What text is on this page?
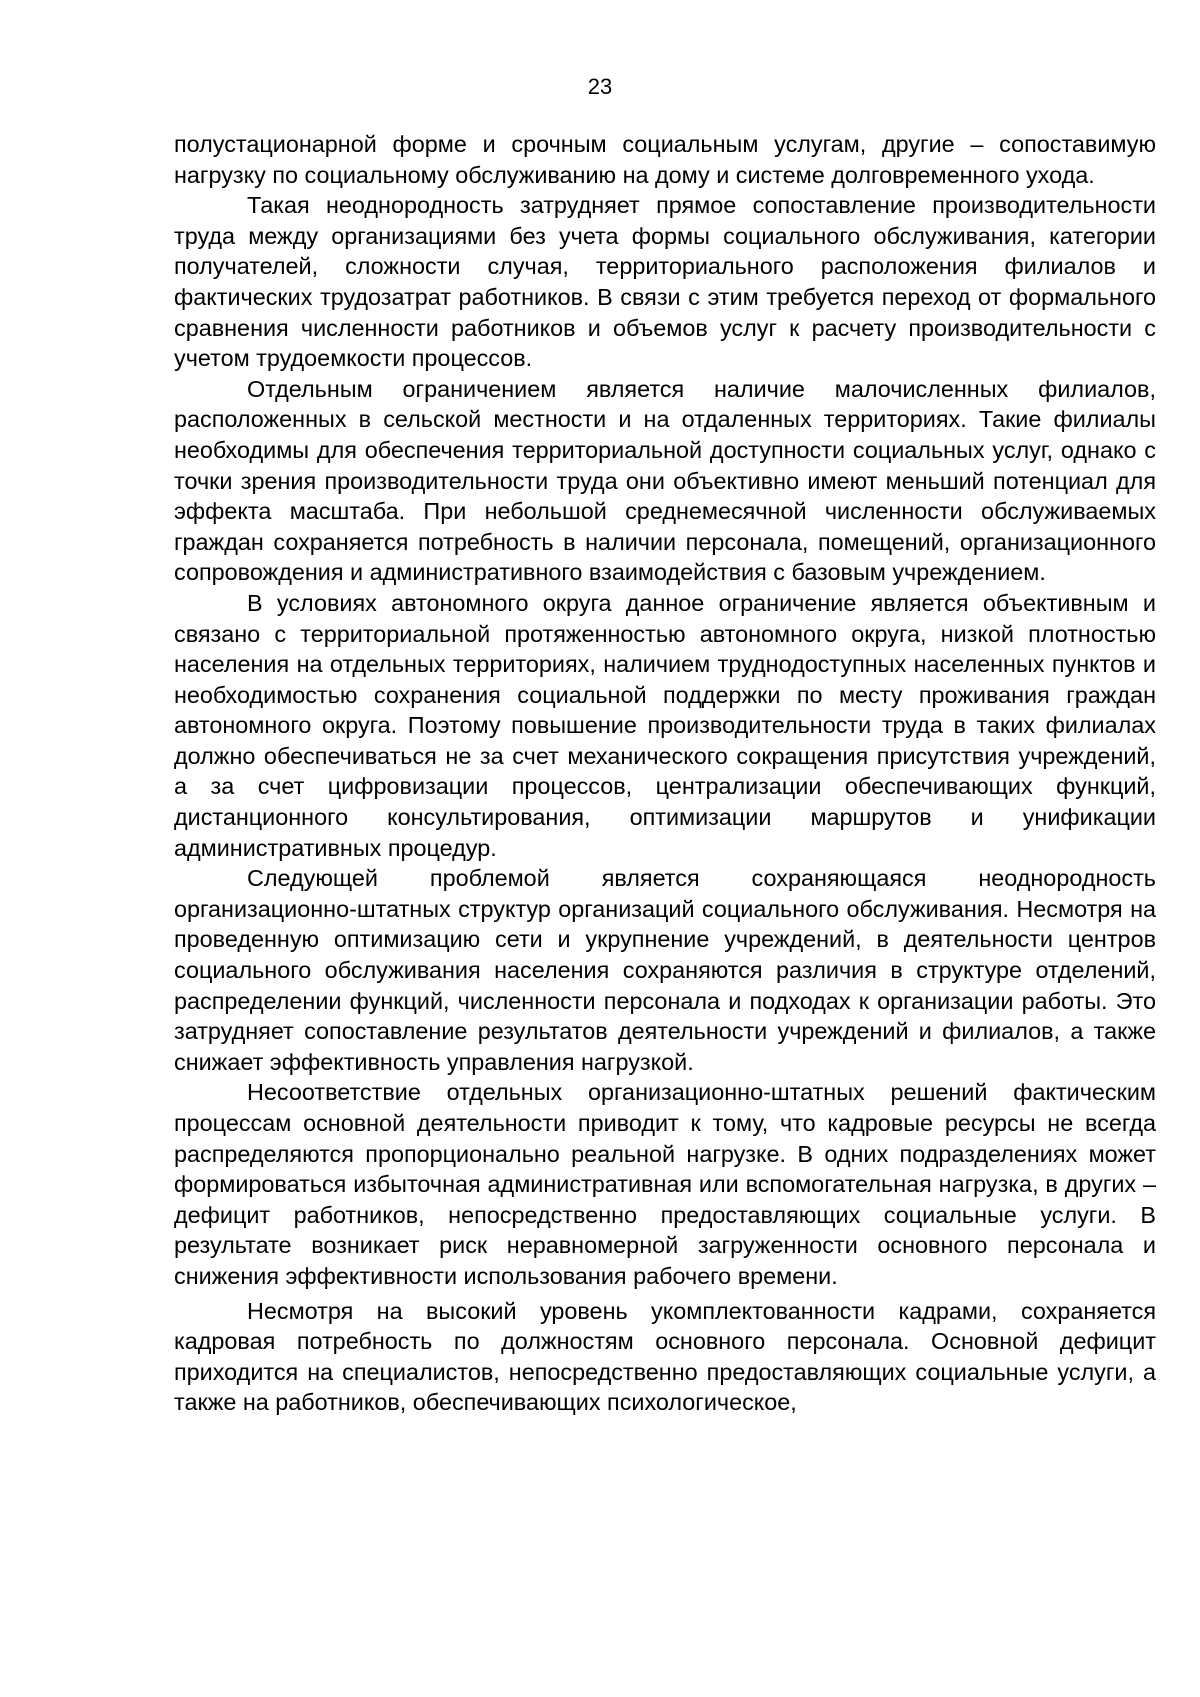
23

полустационарной форме и срочным социальным услугам, другие – сопоставимую нагрузку по социальному обслуживанию на дому и системе долговременного ухода.

Такая неоднородность затрудняет прямое сопоставление производительности труда между организациями без учета формы социального обслуживания, категории получателей, сложности случая, территориального расположения филиалов и фактических трудозатрат работников. В связи с этим требуется переход от формального сравнения численности работников и объемов услуг к расчету производительности с учетом трудоемкости процессов.

Отдельным ограничением является наличие малочисленных филиалов, расположенных в сельской местности и на отдаленных территориях. Такие филиалы необходимы для обеспечения территориальной доступности социальных услуг, однако с точки зрения производительности труда они объективно имеют меньший потенциал для эффекта масштаба. При небольшой среднемесячной численности обслуживаемых граждан сохраняется потребность в наличии персонала, помещений, организационного сопровождения и административного взаимодействия с базовым учреждением.

В условиях автономного округа данное ограничение является объективным и связано с территориальной протяженностью автономного округа, низкой плотностью населения на отдельных территориях, наличием труднодоступных населенных пунктов и необходимостью сохранения социальной поддержки по месту проживания граждан автономного округа. Поэтому повышение производительности труда в таких филиалах должно обеспечиваться не за счет механического сокращения присутствия учреждений, а за счет цифровизации процессов, централизации обеспечивающих функций, дистанционного консультирования, оптимизации маршрутов и унификации административных процедур.

Следующей проблемой является сохраняющаяся неоднородность организационно-штатных структур организаций социального обслуживания. Несмотря на проведенную оптимизацию сети и укрупнение учреждений, в деятельности центров социального обслуживания населения сохраняются различия в структуре отделений, распределении функций, численности персонала и подходах к организации работы. Это затрудняет сопоставление результатов деятельности учреждений и филиалов, а также снижает эффективность управления нагрузкой.

Несоответствие отдельных организационно-штатных решений фактическим процессам основной деятельности приводит к тому, что кадровые ресурсы не всегда распределяются пропорционально реальной нагрузке. В одних подразделениях может формироваться избыточная административная или вспомогательная нагрузка, в других – дефицит работников, непосредственно предоставляющих социальные услуги. В результате возникает риск неравномерной загруженности основного персонала и снижения эффективности использования рабочего времени.

Несмотря на высокий уровень укомплектованности кадрами, сохраняется кадровая потребность по должностям основного персонала. Основной дефицит приходится на специалистов, непосредственно предоставляющих социальные услуги, а также на работников, обеспечивающих психологическое,
